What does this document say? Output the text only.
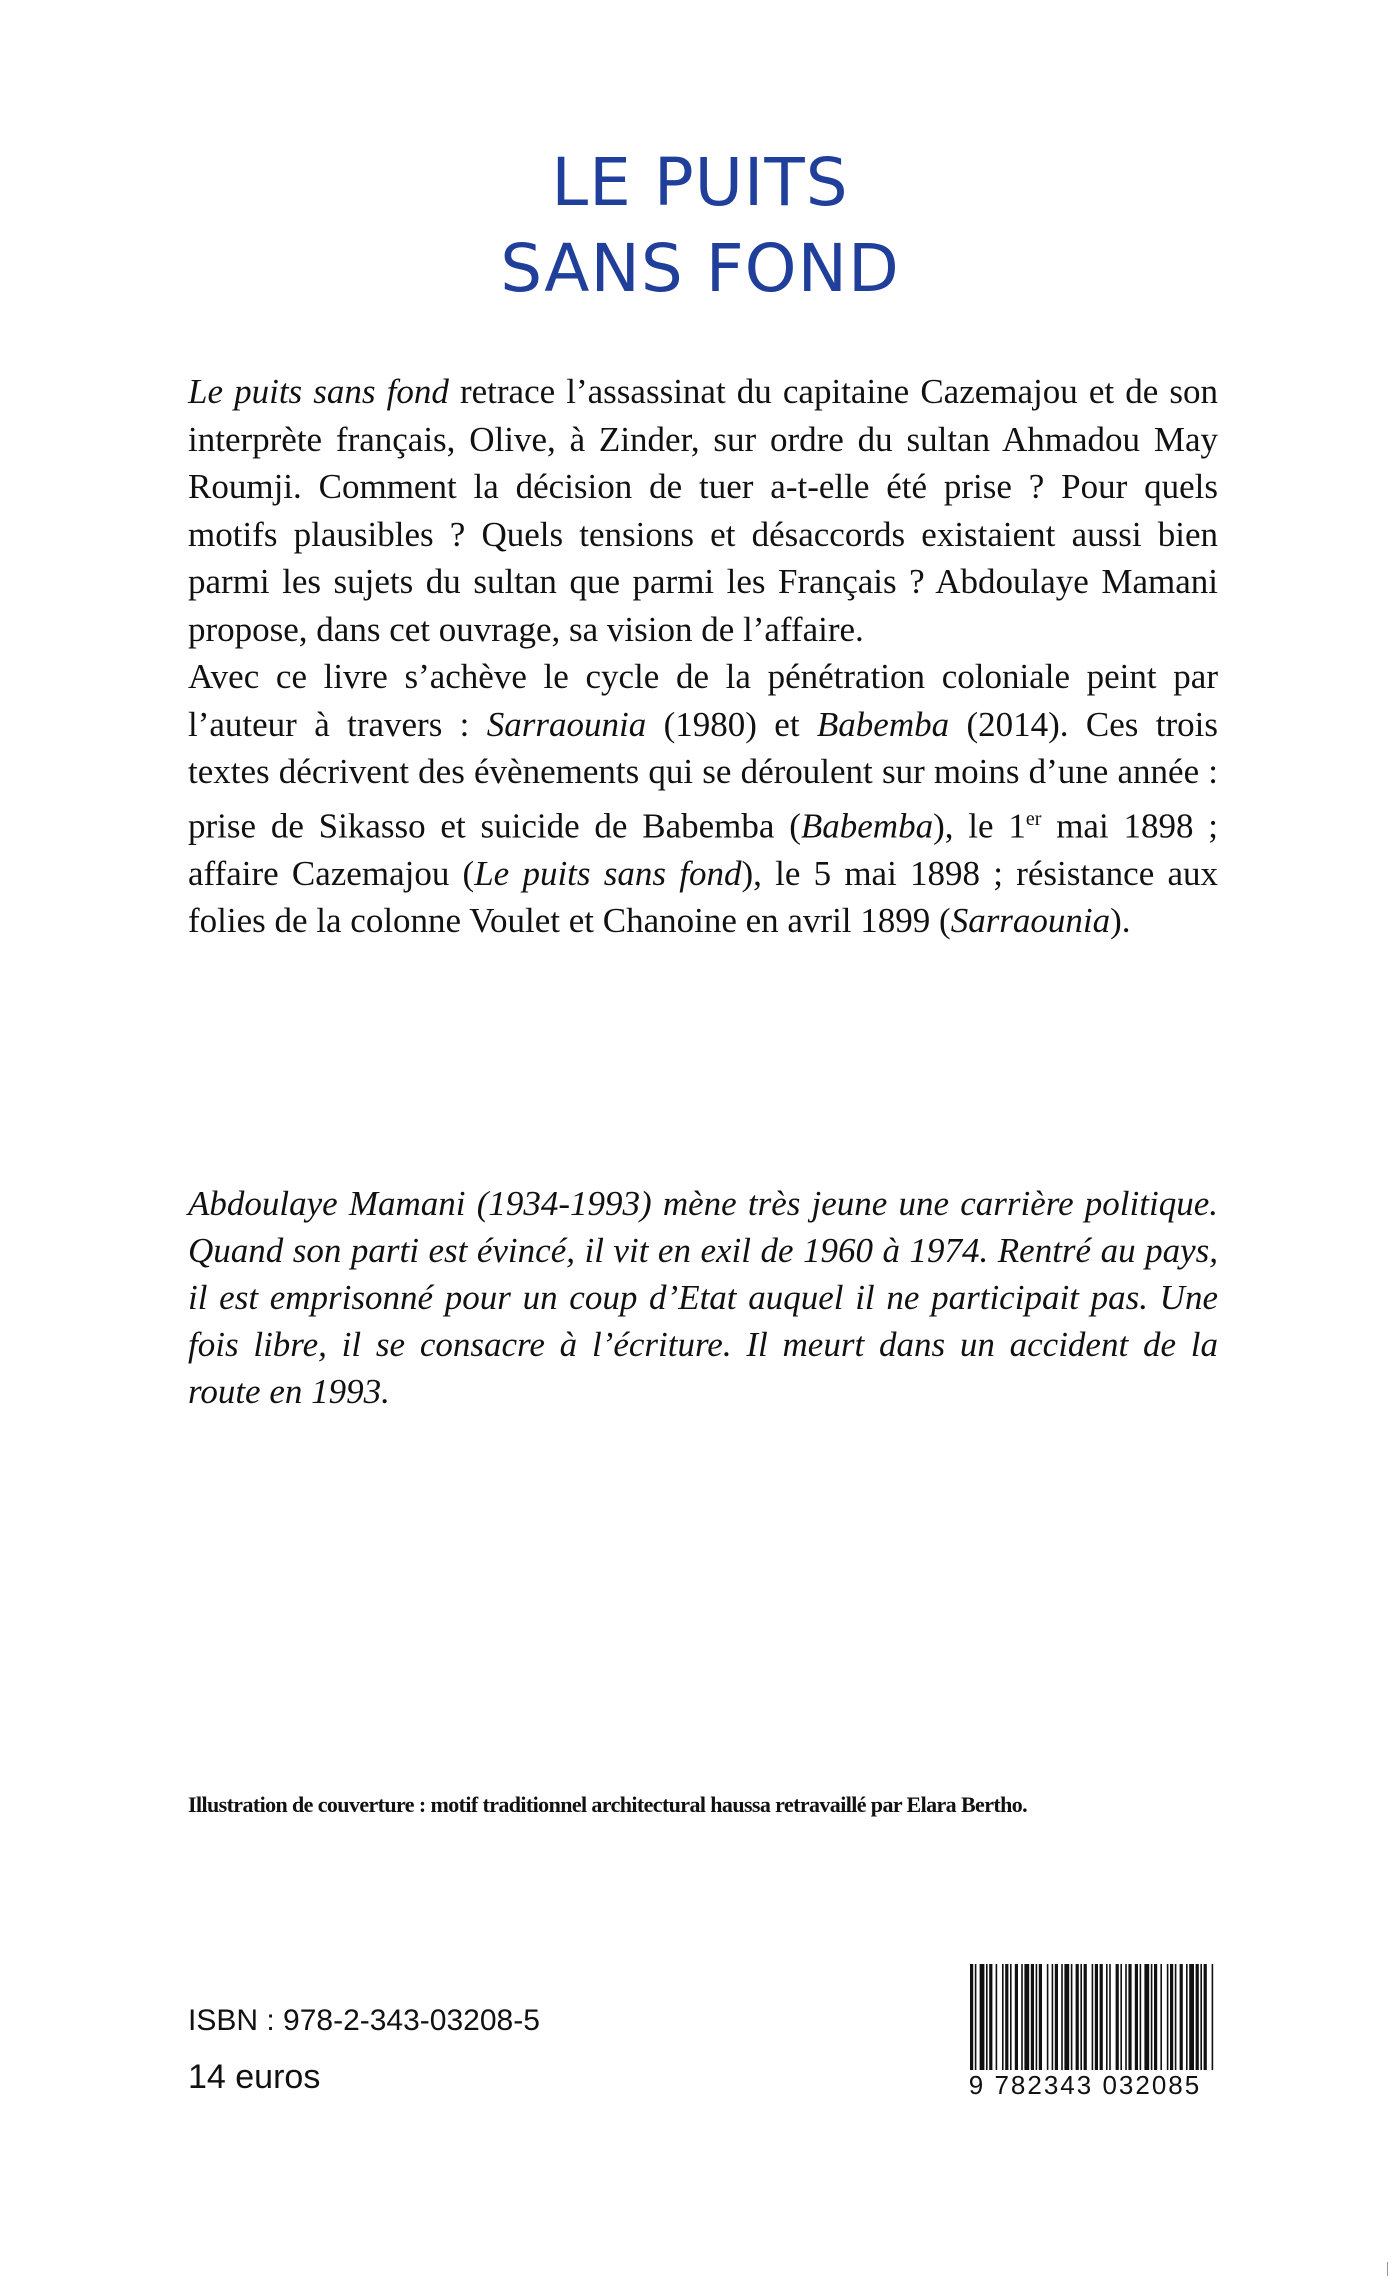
LE PUITS
SANS FOND

Le puits sans fond retrace l’assassinat du capitaine Cazemajou et de son interprète français, Olive, à Zinder, sur ordre du sultan Ahmadou May Roumji. Comment la décision de tuer a-t-elle été prise ? Pour quels motifs plausibles ? Quels tensions et désaccords existaient aussi bien parmi les sujets du sultan que parmi les Français ? Abdoulaye Mamani propose, dans cet ouvrage, sa vision de l’affaire.

Avec ce livre s’achève le cycle de la pénétration coloniale peint par l’auteur à travers : Sarraounia (1980) et Babemba (2014). Ces trois textes décrivent des évènements qui se déroulent sur moins d’une année : prise de Sikasso et suicide de Babemba (Babemba), le 1er mai 1898 ; affaire Cazemajou (Le puits sans fond), le 5 mai 1898 ; résistance aux folies de la colonne Voulet et Chanoine en avril 1899 (Sarraounia).

Abdoulaye Mamani (1934-1993) mène très jeune une carrière politique. Quand son parti est évincé, il vit en exil de 1960 à 1974. Rentré au pays, il est emprisonné pour un coup d’Etat auquel il ne participait pas. Une fois libre, il se consacre à l’écriture. Il meurt dans un accident de la route en 1993.
Illustration de couverture : motif traditionnel architectural haussa retravaillé par Elara Bertho.
ISBN : 978-2-343-03208-5
14 euros	9 782343 032085
